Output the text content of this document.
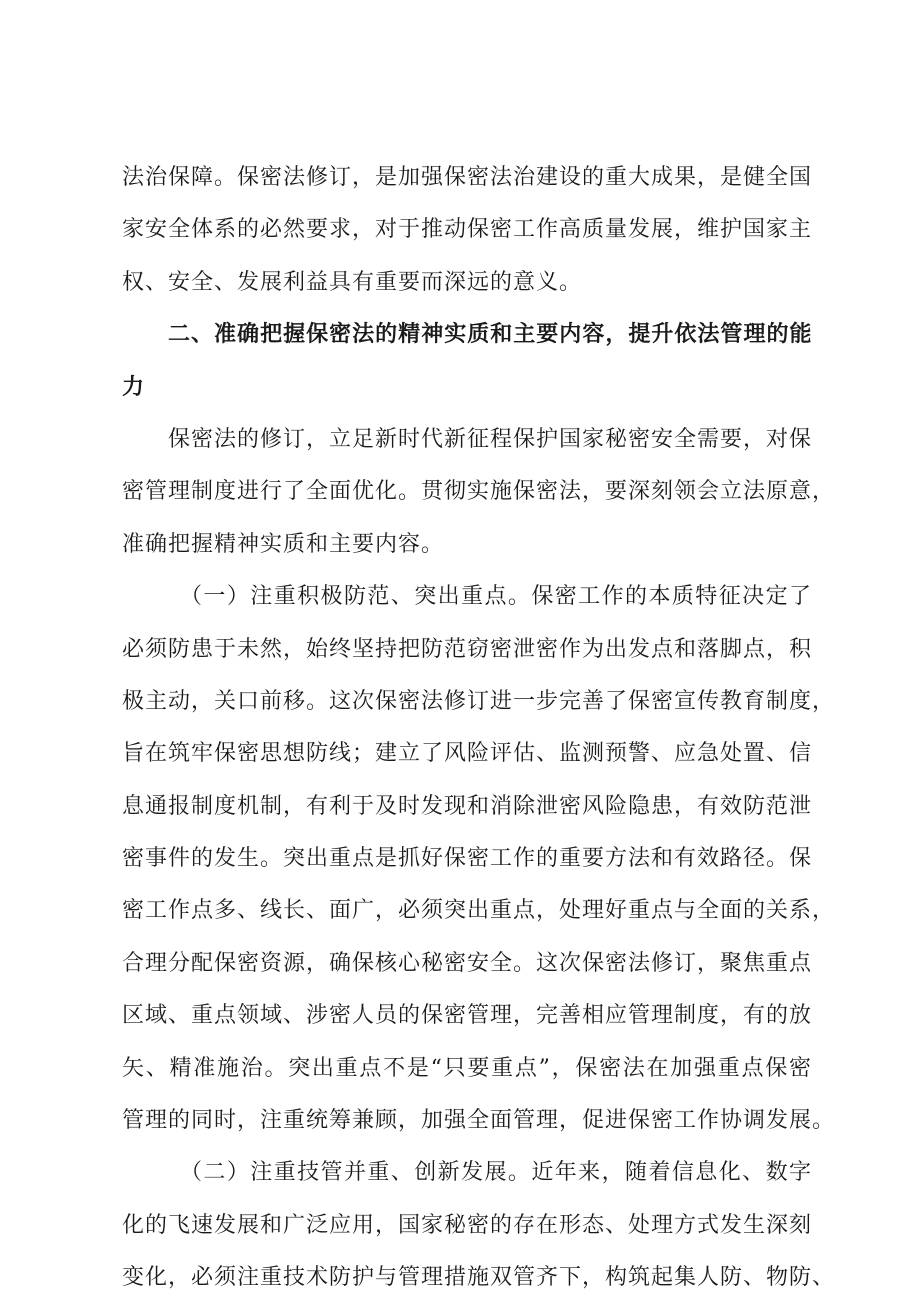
法治保障。保密法修订，是加强保密法治建设的重大成果，是健全国
家安全体系的必然要求，对于推动保密工作高质量发展，维护国家主
权、安全、发展利益具有重要而深远的意义。
二、准确把握保密法的精神实质和主要内容，提升依法管理的能
力
保密法的修订，立足新时代新征程保护国家秘密安全需要，对保
密管理制度进行了全面优化。贯彻实施保密法，要深刻领会立法原意，
准确把握精神实质和主要内容。
（一）注重积极防范、突出重点。保密工作的本质特征决定了
必须防患于未然，始终坚持把防范窃密泄密作为出发点和落脚点，积
极主动，关口前移。这次保密法修订进一步完善了保密宣传教育制度，
旨在筑牢保密思想防线；建立了风险评估、监测预警、应急处置、信
息通报制度机制，有利于及时发现和消除泄密风险隐患，有效防范泄
密事件的发生。突出重点是抓好保密工作的重要方法和有效路径。保
密工作点多、线长、面广，必须突出重点，处理好重点与全面的关系，
合理分配保密资源，确保核心秘密安全。这次保密法修订，聚焦重点
区域、重点领域、涉密人员的保密管理，完善相应管理制度，有的放
矢、精准施治。突出重点不是“只要重点”，保密法在加强重点保密
管理的同时，注重统筹兼顾，加强全面管理，促进保密工作协调发展。
（二）注重技管并重、创新发展。近年来，随着信息化、数字
化的飞速发展和广泛应用，国家秘密的存在形态、处理方式发生深刻
变化，必须注重技术防护与管理措施双管齐下，构筑起集人防、物防、
